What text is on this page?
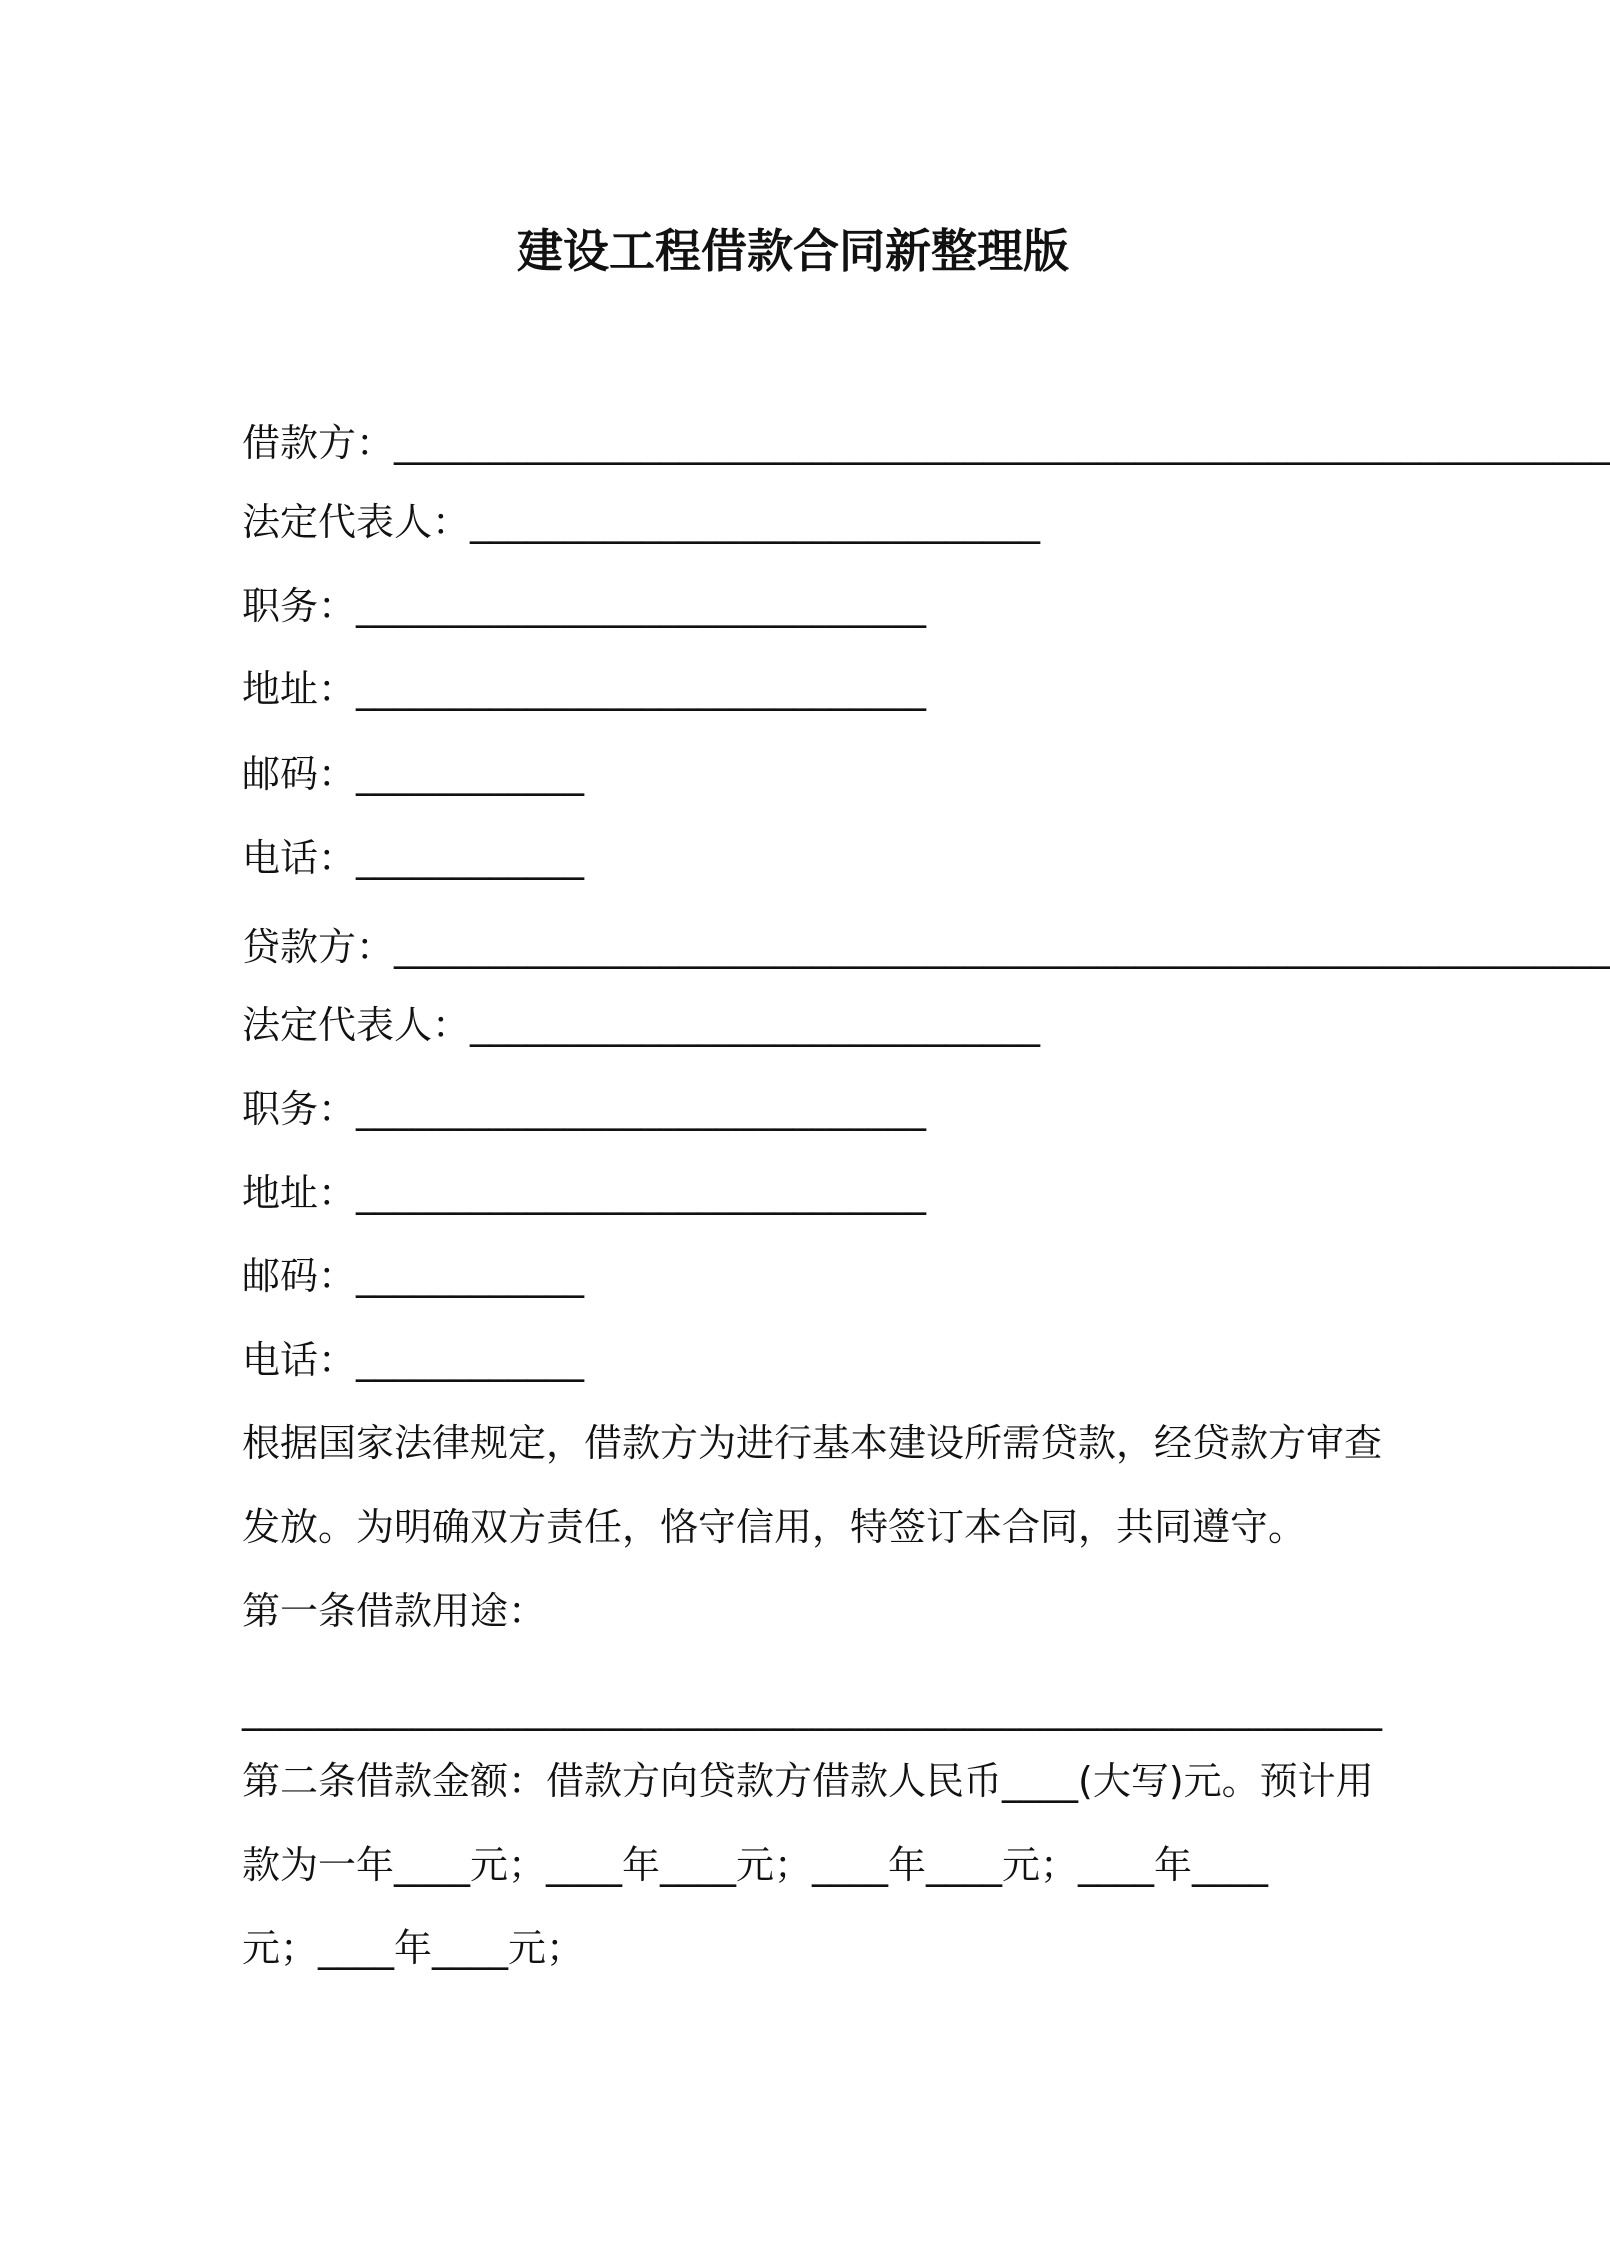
建设工程借款合同新整理版
借款方：________________________________________________________________
法定代表人：______________________________
职务：______________________________
地址：______________________________
邮码：____________
电话：____________
贷款方：________________________________________________________________
法定代表人：______________________________
职务：______________________________
地址：______________________________
邮码：____________
电话：____________
根据国家法律规定，借款方为进行基本建设所需贷款，经贷款方审查
发放。为明确双方责任，恪守信用，特签订本合同，共同遵守。
第一条借款用途：
____________________________________________________________
第二条借款金额：借款方向贷款方借款人民币____(大写)元。预计用
款为一年____元；____年____元；____年____元；____年____
元；____年____元；
